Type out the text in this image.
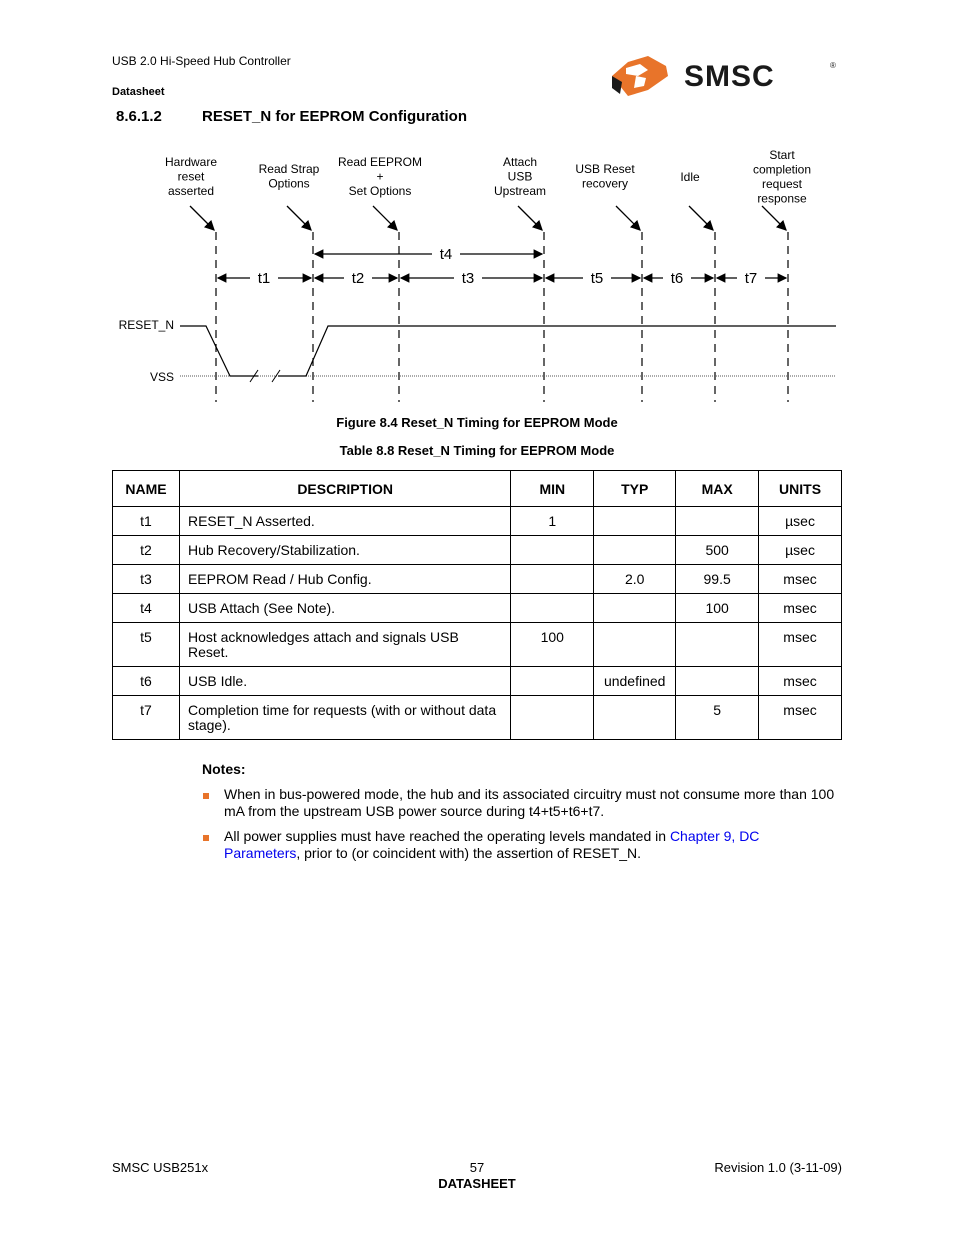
USB 2.0 Hi-Speed Hub Controller
Datasheet	SMSC	®
8.6.1.2	RESET_N for EEPROM Configuration
Hardware
reset
asserted
Read Strap
Options
Read EEPROM
+
Set Options
Attach
USB
Upstream
USB Reset
recovery	Idle
Start
completion
request
response
t1	t2	t3
t4
t5	t6	t7
RESET_N
VSS
Figure 8.4 Reset_N Timing for EEPROM Mode
Table 8.8 Reset_N Timing for EEPROM Mode
NAME	DESCRIPTION	MIN	TYP	MAX	UNITS
t1	RESET_N Asserted.	1			µsec
t2	Hub Recovery/Stabilization.			500	µsec
t3	EEPROM Read / Hub Config.		2.0	99.5	msec
t4	USB Attach (See Note).			100	msec
t5	Host acknowledges attach and signals USB Reset.	100			msec
t6	USB Idle.		undefined		msec
t7	Completion time for requests (with or without data stage).			5	msec
Notes:
When in bus-powered mode, the hub and its associated circuitry must not consume more than 100 mA from the upstream USB power source during t4+t5+t6+t7.
All power supplies must have reached the operating levels mandated in Chapter 9, DC Parameters, prior to (or coincident with) the assertion of RESET_N.
SMSC USB251x	57	Revision 1.0 (3-11-09)
DATASHEET
